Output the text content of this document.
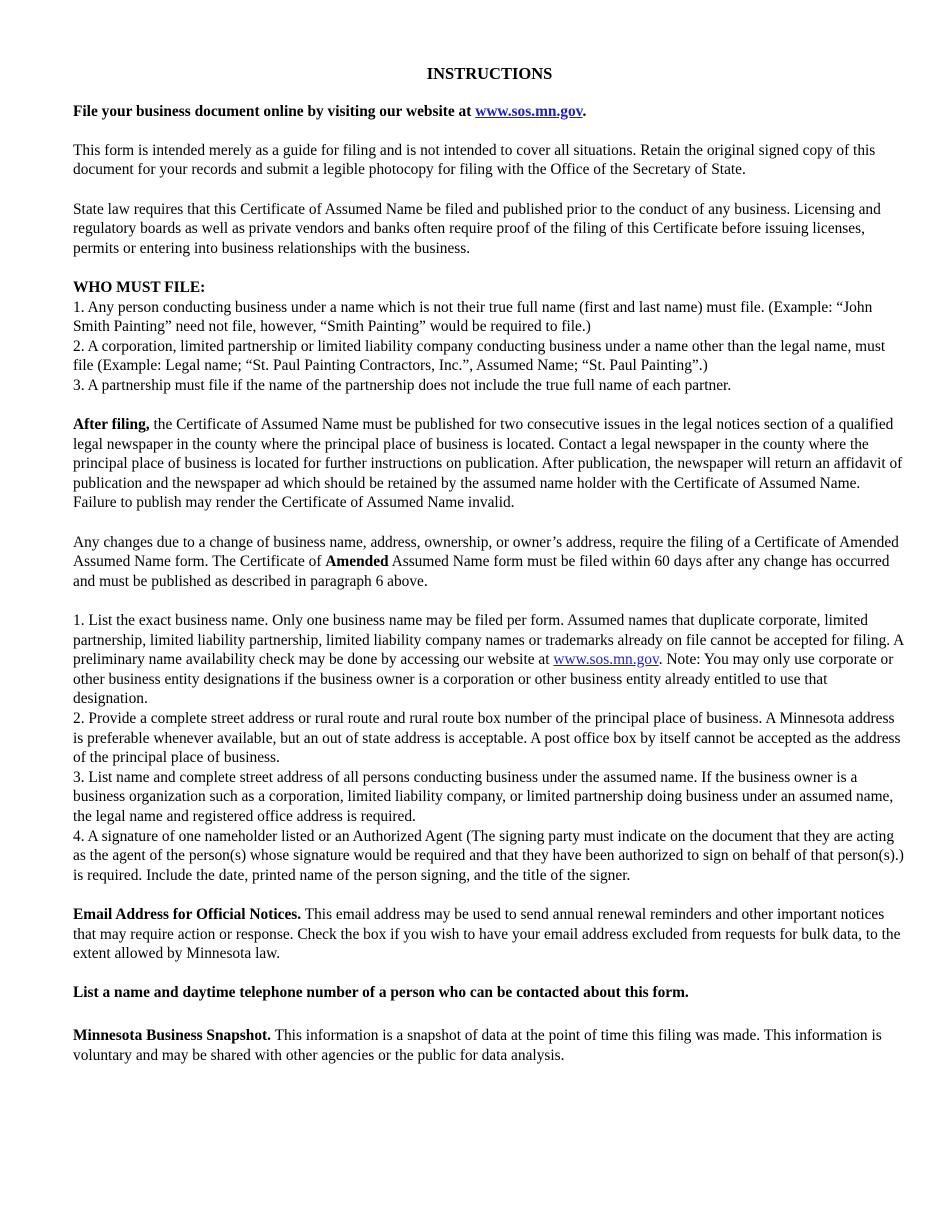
INSTRUCTIONS

File your business document online by visiting our website at www.sos.mn.gov.

This form is intended merely as a guide for filing and is not intended to cover all situations. Retain the original signed copy of this document for your records and submit a legible photocopy for filing with the Office of the Secretary of State.

State law requires that this Certificate of Assumed Name be filed and published prior to the conduct of any business. Licensing and regulatory boards as well as private vendors and banks often require proof of the filing of this Certificate before issuing licenses, permits or entering into business relationships with the business.

WHO MUST FILE:
1. Any person conducting business under a name which is not their true full name (first and last name) must file. (Example: “John Smith Painting” need not file, however, “Smith Painting” would be required to file.)
2. A corporation, limited partnership or limited liability company conducting business under a name other than the legal name, must file (Example: Legal name; “St. Paul Painting Contractors, Inc.”, Assumed Name; “St. Paul Painting”.)
3. A partnership must file if the name of the partnership does not include the true full name of each partner.

After filing, the Certificate of Assumed Name must be published for two consecutive issues in the legal notices section of a qualified legal newspaper in the county where the principal place of business is located. Contact a legal newspaper in the county where the principal place of business is located for further instructions on publication. After publication, the newspaper will return an affidavit of publication and the newspaper ad which should be retained by the assumed name holder with the Certificate of Assumed Name. Failure to publish may render the Certificate of Assumed Name invalid.

Any changes due to a change of business name, address, ownership, or owner’s address, require the filing of a Certificate of Amended Assumed Name form. The Certificate of Amended Assumed Name form must be filed within 60 days after any change has occurred and must be published as described in paragraph 6 above.

1. List the exact business name. Only one business name may be filed per form. Assumed names that duplicate corporate, limited partnership, limited liability partnership, limited liability company names or trademarks already on file cannot be accepted for filing. A preliminary name availability check may be done by accessing our website at www.sos.mn.gov. Note: You may only use corporate or other business entity designations if the business owner is a corporation or other business entity already entitled to use that designation.
2. Provide a complete street address or rural route and rural route box number of the principal place of business. A Minnesota address is preferable whenever available, but an out of state address is acceptable. A post office box by itself cannot be accepted as the address of the principal place of business.
3. List name and complete street address of all persons conducting business under the assumed name. If the business owner is a business organization such as a corporation, limited liability company, or limited partnership doing business under an assumed name, the legal name and registered office address is required.
4. A signature of one nameholder listed or an Authorized Agent (The signing party must indicate on the document that they are acting as the agent of the person(s) whose signature would be required and that they have been authorized to sign on behalf of that person(s).) is required. Include the date, printed name of the person signing, and the title of the signer.

Email Address for Official Notices. This email address may be used to send annual renewal reminders and other important notices that may require action or response. Check the box if you wish to have your email address excluded from requests for bulk data, to the extent allowed by Minnesota law.

List a name and daytime telephone number of a person who can be contacted about this form.

Minnesota Business Snapshot. This information is a snapshot of data at the point of time this filing was made. This information is voluntary and may be shared with other agencies or the public for data analysis.
